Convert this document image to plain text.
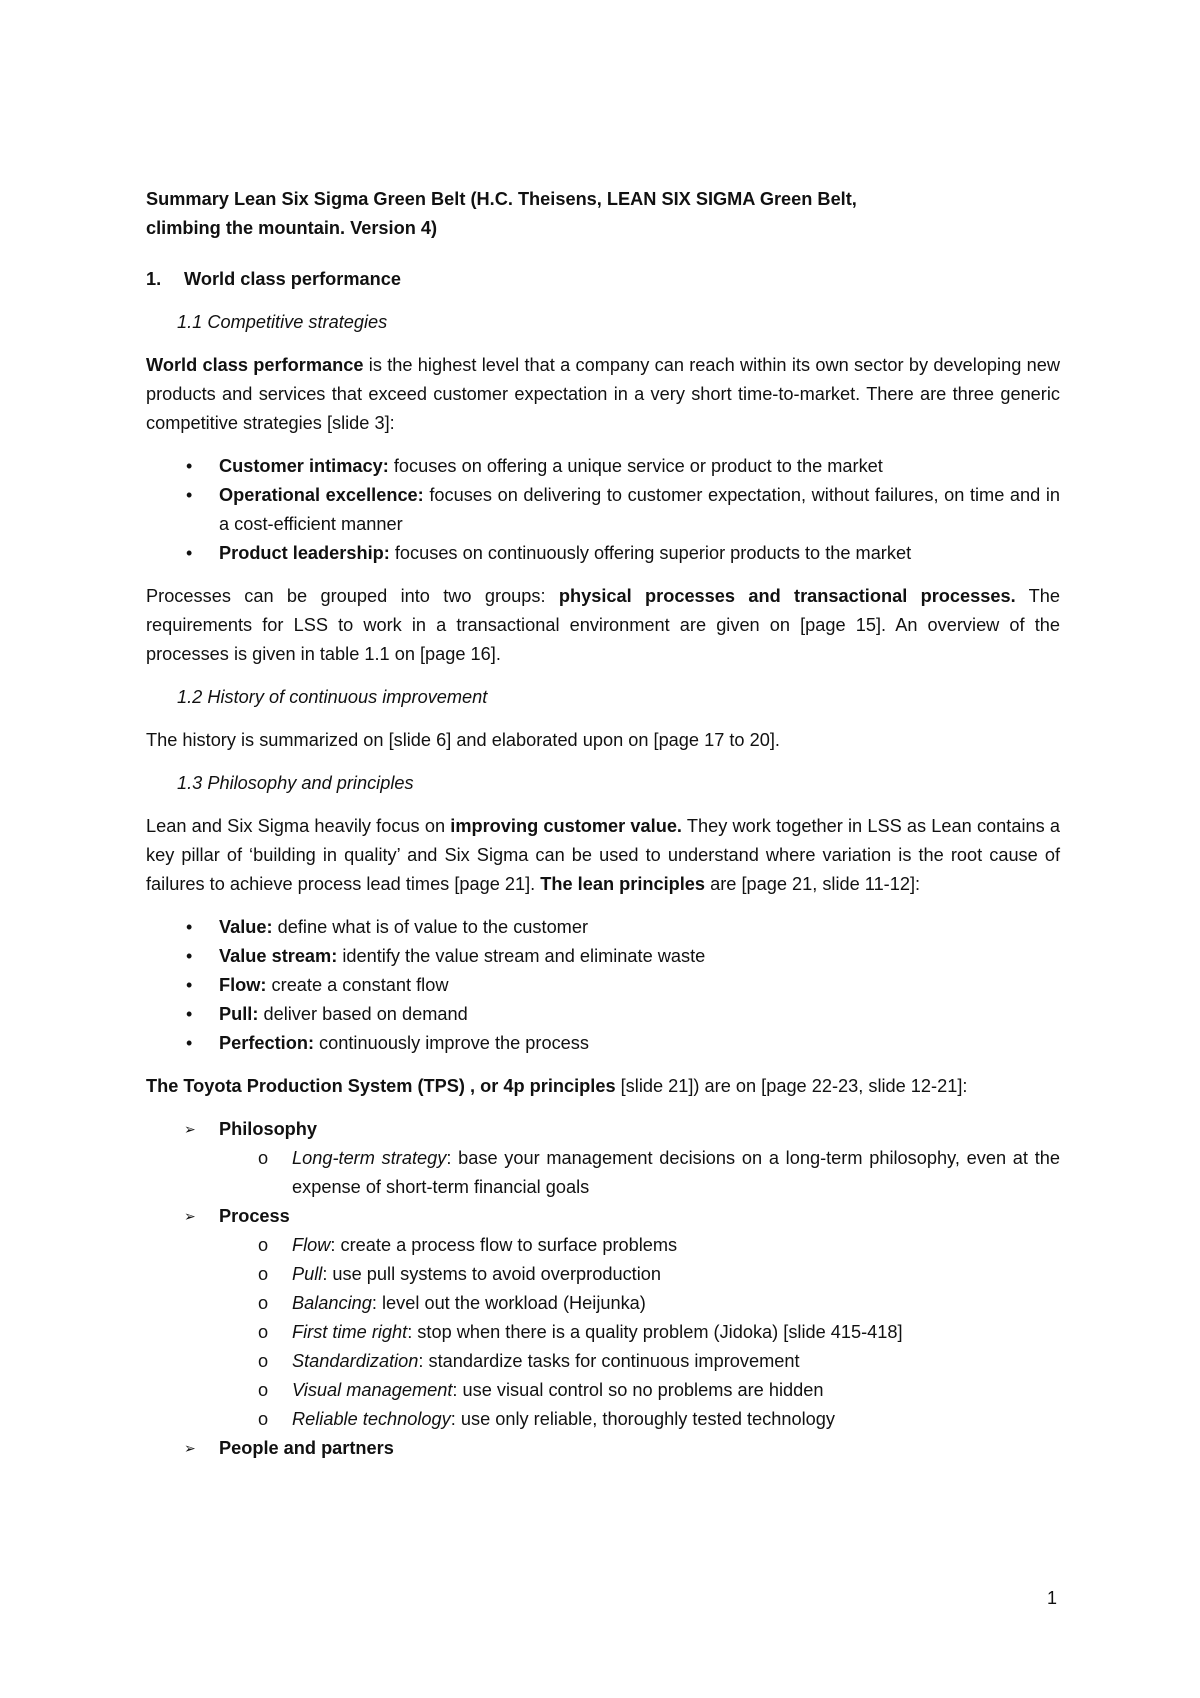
Summary Lean Six Sigma Green Belt (H.C. Theisens, LEAN SIX SIGMA Green Belt,
climbing the mountain. Version 4)
1.	World class performance
1.1 Competitive strategies
World class performance is the highest level that a company can reach within its own sector by developing new products and services that exceed customer expectation in a very short time-to-market. There are three generic competitive strategies [slide 3]:
• Customer intimacy: focuses on offering a unique service or product to the market
• Operational excellence: focuses on delivering to customer expectation, without failures, on time and in a cost-efficient manner
• Product leadership: focuses on continuously offering superior products to the market
Processes can be grouped into two groups: physical processes and transactional processes. The requirements for LSS to work in a transactional environment are given on [page 15]. An overview of the processes is given in table 1.1 on [page 16].
1.2 History of continuous improvement
The history is summarized on [slide 6] and elaborated upon on [page 17 to 20].
1.3 Philosophy and principles
Lean and Six Sigma heavily focus on improving customer value. They work together in LSS as Lean contains a key pillar of ‘building in quality’ and Six Sigma can be used to understand where variation is the root cause of failures to achieve process lead times [page 21]. The lean principles are [page 21, slide 11-12]:
• Value: define what is of value to the customer
• Value stream: identify the value stream and eliminate waste
• Flow: create a constant flow
• Pull: deliver based on demand
• Perfection: continuously improve the process
The Toyota Production System (TPS) , or 4p principles [slide 21]) are on [page 22-23, slide 12-21]:
➢ Philosophy
o Long-term strategy: base your management decisions on a long-term philosophy, even at the expense of short-term financial goals
➢ Process
o Flow: create a process flow to surface problems
o Pull: use pull systems to avoid overproduction
o Balancing: level out the workload (Heijunka)
o First time right: stop when there is a quality problem (Jidoka) [slide 415-418]
o Standardization: standardize tasks for continuous improvement
o Visual management: use visual control so no problems are hidden
o Reliable technology: use only reliable, thoroughly tested technology
➢ People and partners
1
